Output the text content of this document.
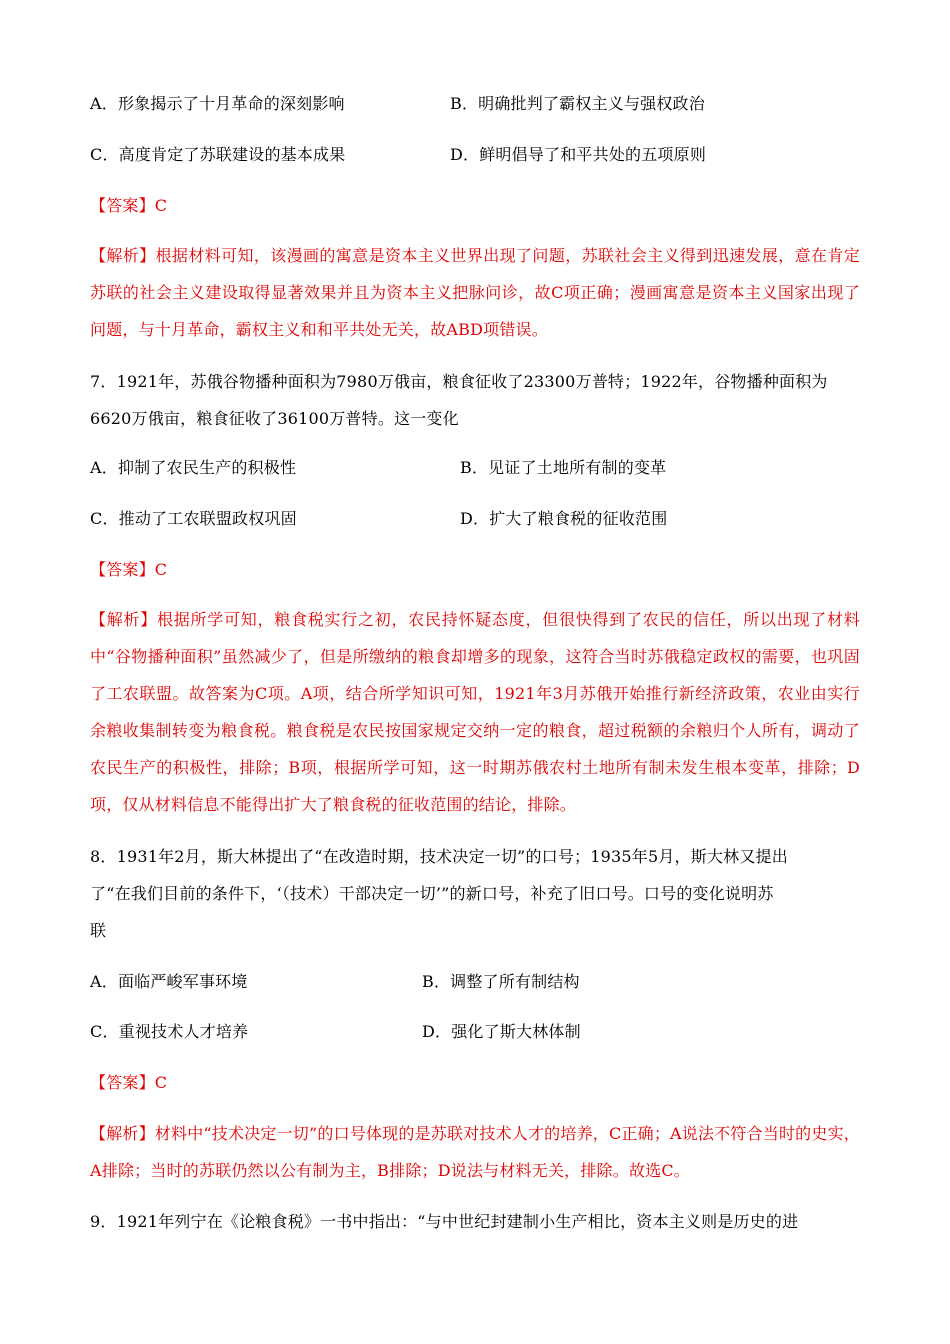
A．形象揭示了十月革命的深刻影响	B．明确批判了霸权主义与强权政治
C．高度肯定了苏联建设的基本成果	D．鲜明倡导了和平共处的五项原则
【答案】C
【解析】根据材料可知，该漫画的寓意是资本主义世界出现了问题，苏联社会主义得到迅速发展，意在肯定苏联的社会主义建设取得显著效果并且为资本主义把脉问诊，故C项正确；漫画寓意是资本主义国家出现了问题，与十月革命，霸权主义和和平共处无关，故ABD项错误。
7．1921年，苏俄谷物播种面积为7980万俄亩，粮食征收了23300万普特；1922年，谷物播种面积为
6620万俄亩，粮食征收了36100万普特。这一变化
A．抑制了农民生产的积极性	B．见证了土地所有制的变革
C．推动了工农联盟政权巩固	D．扩大了粮食税的征收范围
【答案】C
【解析】根据所学可知，粮食税实行之初，农民持怀疑态度，但很快得到了农民的信任，所以出现了材料中“谷物播种面积”虽然减少了，但是所缴纳的粮食却增多的现象，这符合当时苏俄稳定政权的需要，也巩固了工农联盟。故答案为C项。A项，结合所学知识可知，1921年3月苏俄开始推行新经济政策，农业由实行余粮收集制转变为粮食税。粮食税是农民按国家规定交纳一定的粮食，超过税额的余粮归个人所有，调动了农民生产的积极性，排除；B项，根据所学可知，这一时期苏俄农村土地所有制未发生根本变革，排除；D项，仅从材料信息不能得出扩大了粮食税的征收范围的结论，排除。
8．1931年2月，斯大林提出了“在改造时期，技术决定一切”的口号；1935年5月，斯大林又提出
了“在我们目前的条件下，‘（技术）干部决定一切’”的新口号，补充了旧口号。口号的变化说明苏
联
A．面临严峻军事环境	B．调整了所有制结构
C．重视技术人才培养	D．强化了斯大林体制
【答案】C
【解析】材料中“技术决定一切”的口号体现的是苏联对技术人才的培养，C正确；A说法不符合当时的史实，A排除；当时的苏联仍然以公有制为主，B排除；D说法与材料无关，排除。故选C。
9．1921年列宁在《论粮食税》一书中指出：“与中世纪封建制小生产相比，资本主义则是历史的进
